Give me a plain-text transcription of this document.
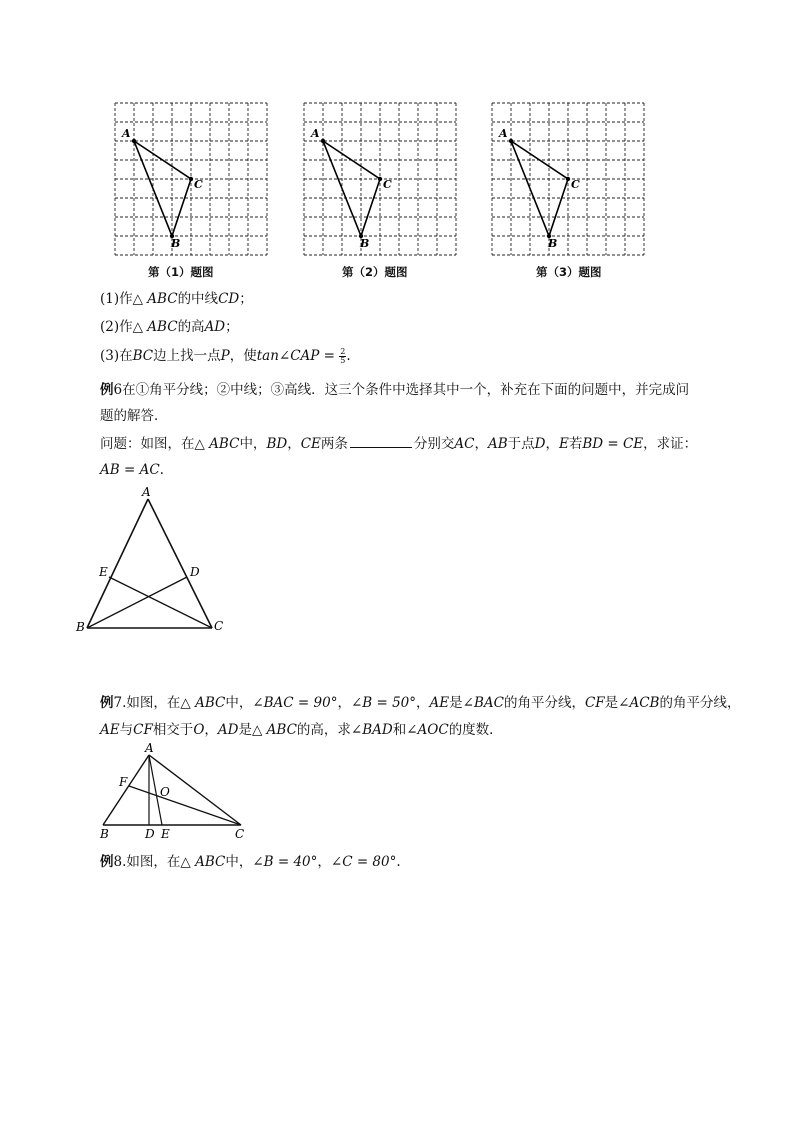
A
C
B
A
C
B
A
C
B
第（1）题图	第（2）题图	第（3）题图
(1)作△ ABC的中线CD；
(2)作△ ABC的高AD；
(3)在BC边上找一点P，使tan∠CAP = $\frac{2}{5}$ .
例6在①角平分线；②中线；③高线．这三个条件中选择其中一个，补充在下面的问题中，并完成问
题的解答．
问题：如图，在△ ABC中，BD，CE两条	分别交AC，AB于点D，E若BD = CE，求证：
AB = AC.
A
B	C
D
E
例7.如图，在△ ABC中，∠BAC = 90°，∠B = 50°，AE是∠BAC的角平分线，CF是∠ACB的角平分线，
AE与CF相交于O，AD是△ ABC的高，求∠BAD和∠AOC的度数．
A
B	C
D E
F
O
例8.如图，在△ ABC中，∠B = 40°，∠C = 80°.
